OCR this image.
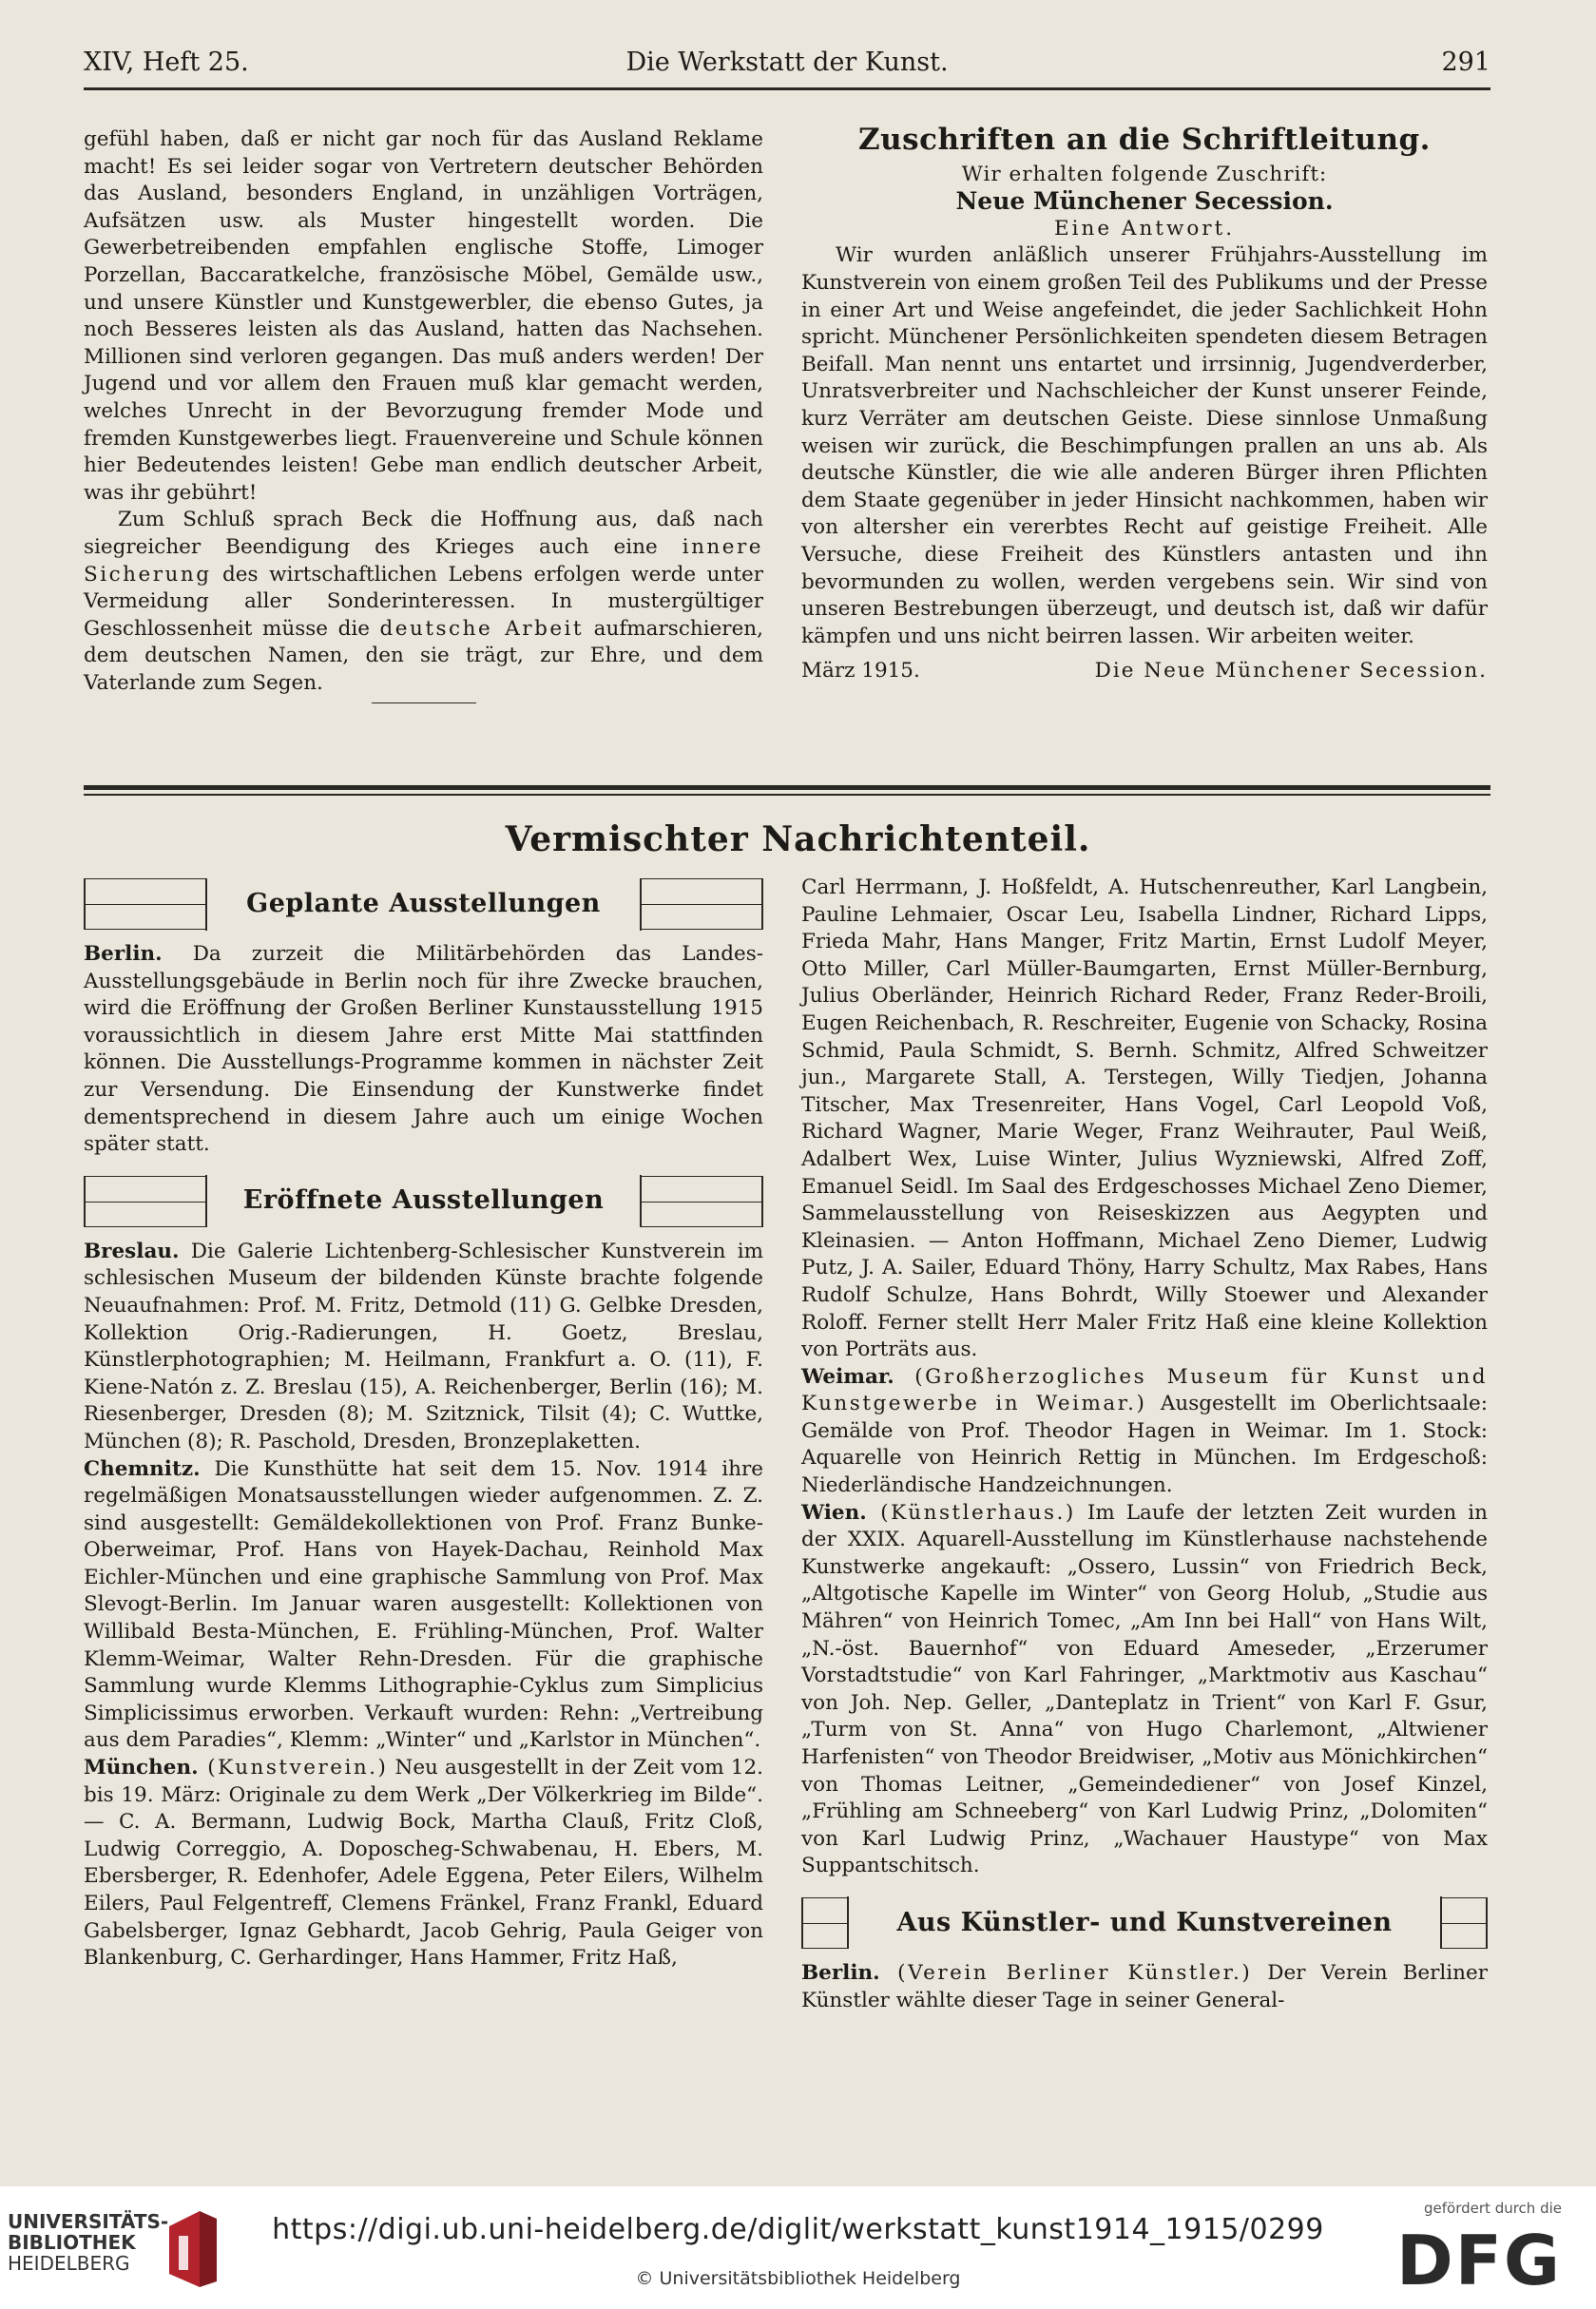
XIV, Heft 25.	Die Werkstatt der Kunst.	291

gefühl haben, daß er nicht gar noch für das Ausland Reklame macht! Es sei leider sogar von Vertretern deutscher Behörden das Ausland, besonders England, in unzähligen Vorträgen, Aufsätzen usw. als Muster hingestellt worden. Die Gewerbetreibenden empfahlen englische Stoffe, Limoger Porzellan, Baccaratkelche, französische Möbel, Gemälde usw., und unsere Künstler und Kunstgewerbler, die ebenso Gutes, ja noch Besseres leisten als das Ausland, hatten das Nachsehen. Millionen sind verloren gegangen. Das muß anders werden! Der Jugend und vor allem den Frauen muß klar gemacht werden, welches Unrecht in der Bevorzugung fremder Mode und fremden Kunstgewerbes liegt. Frauenvereine und Schule können hier Bedeutendes leisten! Gebe man endlich deutscher Arbeit, was ihr gebührt!

Zum Schluß sprach Beck die Hoffnung aus, daß nach siegreicher Beendigung des Krieges auch eine innere Sicherung des wirtschaftlichen Lebens erfolgen werde unter Vermeidung aller Sonderinteressen. In mustergültiger Geschlossenheit müsse die deutsche Arbeit aufmarschieren, dem deutschen Namen, den sie trägt, zur Ehre, und dem Vaterlande zum Segen.

Zuschriften an die Schriftleitung.

Wir erhalten folgende Zuschrift:

Neue Münchener Secession.

Eine Antwort.

Wir wurden anläßlich unserer Frühjahrs-Ausstellung im Kunstverein von einem großen Teil des Publikums und der Presse in einer Art und Weise angefeindet, die jeder Sachlichkeit Hohn spricht. Münchener Persönlichkeiten spendeten diesem Betragen Beifall. Man nennt uns entartet und irrsinnig, Jugendverderber, Unratsverbreiter und Nachschleicher der Kunst unserer Feinde, kurz Verräter am deutschen Geiste. Diese sinnlose Unmaßung weisen wir zurück, die Beschimpfungen prallen an uns ab. Als deutsche Künstler, die wie alle anderen Bürger ihren Pflichten dem Staate gegenüber in jeder Hinsicht nachkommen, haben wir von altersher ein vererbtes Recht auf geistige Freiheit. Alle Versuche, diese Freiheit des Künstlers antasten und ihn bevormunden zu wollen, werden vergebens sein. Wir sind von unseren Bestrebungen überzeugt, und deutsch ist, daß wir dafür kämpfen und uns nicht beirren lassen. Wir arbeiten weiter.

März 1915.	Die Neue Münchener Secession.
Vermischter Nachrichtenteil.
Geplante Ausstellungen

Berlin. Da zurzeit die Militärbehörden das Landes-Ausstellungsgebäude in Berlin noch für ihre Zwecke brauchen, wird die Eröffnung der Großen Berliner Kunstausstellung 1915 voraussichtlich in diesem Jahre erst Mitte Mai stattfinden können. Die Ausstellungs-Programme kommen in nächster Zeit zur Versendung. Die Einsendung der Kunstwerke findet dementsprechend in diesem Jahre auch um einige Wochen später statt.

Eröffnete Ausstellungen

Breslau. Die Galerie Lichtenberg-Schlesischer Kunstverein im schlesischen Museum der bildenden Künste brachte folgende Neuaufnahmen: Prof. M. Fritz, Detmold (11) G. Gelbke Dresden, Kollektion Orig.-Radierungen, H. Goetz, Breslau, Künstlerphotographien; M. Heilmann, Frankfurt a. O. (11), F. Kiene-Natón z. Z. Breslau (15), A. Reichenberger, Berlin (16); M. Riesenberger, Dresden (8); M. Szitznick, Tilsit (4); C. Wuttke, München (8); R. Paschold, Dresden, Bronzeplaketten.

Chemnitz. Die Kunsthütte hat seit dem 15. Nov. 1914 ihre regelmäßigen Monatsausstellungen wieder aufgenommen. Z. Z. sind ausgestellt: Gemäldekollektionen von Prof. Franz Bunke-Oberweimar, Prof. Hans von Hayek-Dachau, Reinhold Max Eichler-München und eine graphische Sammlung von Prof. Max Slevogt-Berlin. Im Januar waren ausgestellt: Kollektionen von Willibald Besta-München, E. Frühling-München, Prof. Walter Klemm-Weimar, Walter Rehn-Dresden. Für die graphische Sammlung wurde Klemms Lithographie-Cyklus zum Simplicius Simplicissimus erworben. Verkauft wurden: Rehn: „Vertreibung aus dem Paradies“, Klemm: „Winter“ und „Karlstor in München“.

München. (Kunstverein.) Neu ausgestellt in der Zeit vom 12. bis 19. März: Originale zu dem Werk „Der Völkerkrieg im Bilde“. — C. A. Bermann, Ludwig Bock, Martha Clauß, Fritz Cloß, Ludwig Correggio, A. Doposcheg-Schwabenau, H. Ebers, M. Ebersberger, R. Edenhofer, Adele Eggena, Peter Eilers, Wilhelm Eilers, Paul Felgentreff, Clemens Fränkel, Franz Frankl, Eduard Gabelsberger, Ignaz Gebhardt, Jacob Gehrig, Paula Geiger von Blankenburg, C. Gerhardinger, Hans Hammer, Fritz Haß,

Carl Herrmann, J. Hoßfeldt, A. Hutschenreuther, Karl Langbein, Pauline Lehmaier, Oscar Leu, Isabella Lindner, Richard Lipps, Frieda Mahr, Hans Manger, Fritz Martin, Ernst Ludolf Meyer, Otto Miller, Carl Müller-Baumgarten, Ernst Müller-Bernburg, Julius Oberländer, Heinrich Richard Reder, Franz Reder-Broili, Eugen Reichenbach, R. Reschreiter, Eugenie von Schacky, Rosina Schmid, Paula Schmidt, S. Bernh. Schmitz, Alfred Schweitzer jun., Margarete Stall, A. Terstegen, Willy Tiedjen, Johanna Titscher, Max Tresenreiter, Hans Vogel, Carl Leopold Voß, Richard Wagner, Marie Weger, Franz Weihrauter, Paul Weiß, Adalbert Wex, Luise Winter, Julius Wyzniewski, Alfred Zoff, Emanuel Seidl. Im Saal des Erdgeschosses Michael Zeno Diemer, Sammelausstellung von Reiseskizzen aus Aegypten und Kleinasien. — Anton Hoffmann, Michael Zeno Diemer, Ludwig Putz, J. A. Sailer, Eduard Thöny, Harry Schultz, Max Rabes, Hans Rudolf Schulze, Hans Bohrdt, Willy Stoewer und Alexander Roloff. Ferner stellt Herr Maler Fritz Haß eine kleine Kollektion von Porträts aus.

Weimar. (Großherzogliches Museum für Kunst und Kunstgewerbe in Weimar.) Ausgestellt im Oberlichtsaale: Gemälde von Prof. Theodor Hagen in Weimar. Im 1. Stock: Aquarelle von Heinrich Rettig in München. Im Erdgeschoß: Niederländische Handzeichnungen.

Wien. (Künstlerhaus.) Im Laufe der letzten Zeit wurden in der XXIX. Aquarell-Ausstellung im Künstlerhause nachstehende Kunstwerke angekauft: „Ossero, Lussin“ von Friedrich Beck, „Altgotische Kapelle im Winter“ von Georg Holub, „Studie aus Mähren“ von Heinrich Tomec, „Am Inn bei Hall“ von Hans Wilt, „N.-öst. Bauernhof“ von Eduard Ameseder, „Erzerumer Vorstadtstudie“ von Karl Fahringer, „Marktmotiv aus Kaschau“ von Joh. Nep. Geller, „Danteplatz in Trient“ von Karl F. Gsur, „Turm von St. Anna“ von Hugo Charlemont, „Altwiener Harfenisten“ von Theodor Breidwiser, „Motiv aus Mönichkirchen“ von Thomas Leitner, „Gemeindediener“ von Josef Kinzel, „Frühling am Schneeberg“ von Karl Ludwig Prinz, „Dolomiten“ von Karl Ludwig Prinz, „Wachauer Haustype“ von Max Suppantschitsch.

Aus Künstler- und Kunstvereinen

Berlin. (Verein Berliner Künstler.) Der Verein Berliner Künstler wählte dieser Tage in seiner General-

UNIVERSITÄTS-
BIBLIOTHEK
HEIDELBERG
https://digi.ub.uni-heidelberg.de/diglit/werkstatt_kunst1914_1915/0299
© Universitätsbibliothek Heidelberg
gefördert durch die
DFG
